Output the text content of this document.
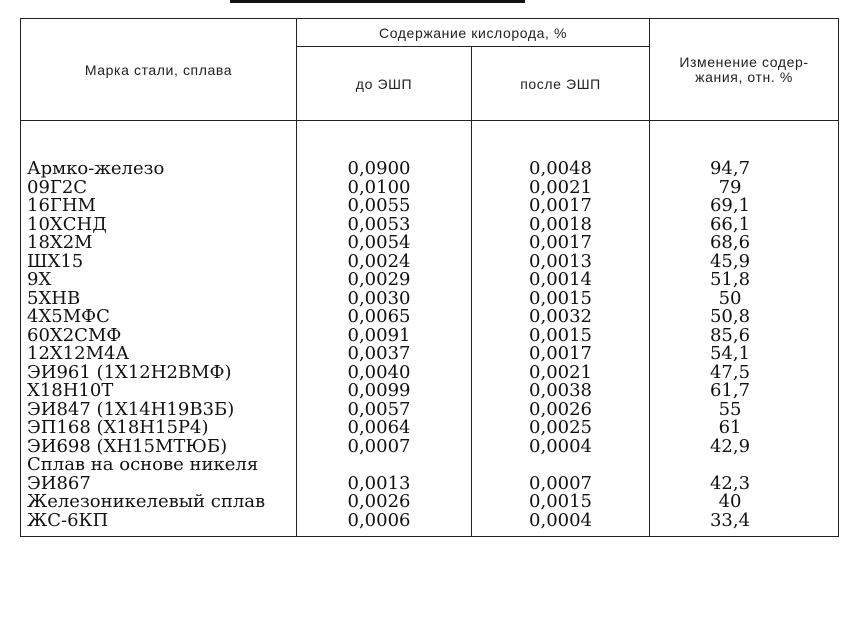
Марка стали, сплава	Содержание кислорода, %		Изменение содер- жания, отн. %
	до ЭШП	после ЭШП	

Армко-железо	0,0900	0,0048	94,7
09Г2С	0,0100	0,0021	79
16ГНМ	0,0055	0,0017	69,1
10ХСНД	0,0053	0,0018	66,1
18Х2М	0,0054	0,0017	68,6
ШХ15	0,0024	0,0013	45,9
9Х	0,0029	0,0014	51,8
5ХНВ	0,0030	0,0015	50
4Х5МФС	0,0065	0,0032	50,8
60Х2СМФ	0,0091	0,0015	85,6
12Х12М4А	0,0037	0,0017	54,1
ЭИ961 (1Х12Н2ВМФ)	0,0040	0,0021	47,5
Х18Н10Т	0,0099	0,0038	61,7
ЭИ847 (1Х14Н19В3Б)	0,0057	0,0026	55
ЭП168 (Х18Н15Р4)	0,0064	0,0025	61
ЭИ698 (ХН15МТЮБ)	0,0007	0,0004	42,9
Сплав на основе никеля			
ЭИ867	0,0013	0,0007	42,3
Железоникелевый сплав	0,0026	0,0015	40
ЖС-6КП	0,0006	0,0004	33,4
